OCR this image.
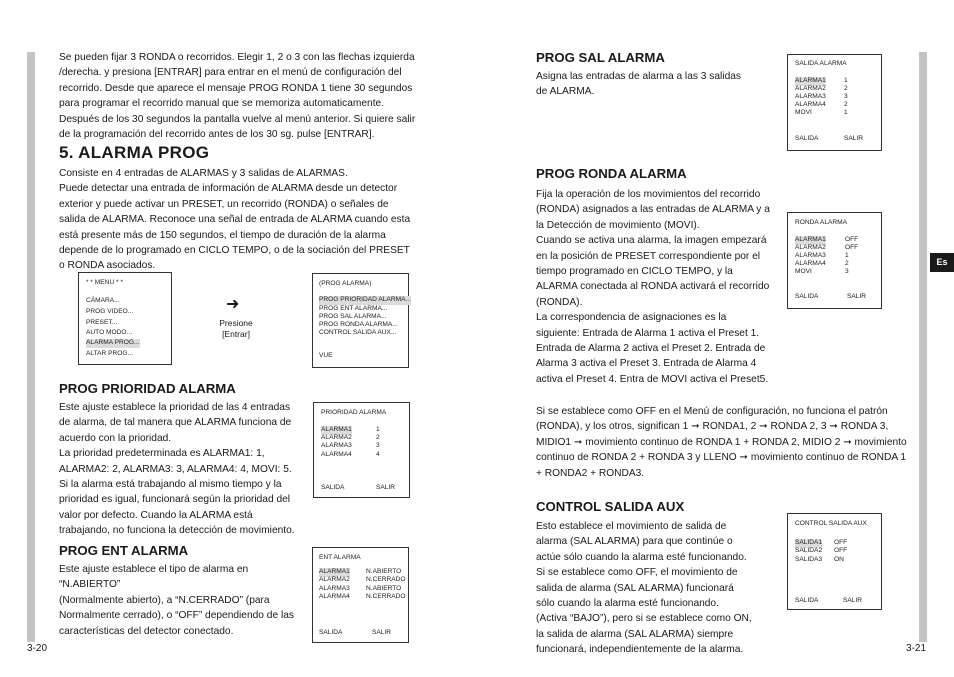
Se pueden fijar 3 RONDA o recorridos. Elegir 1, 2 o 3 con las flechas izquierda

/derecha. y presiona [ENTRAR] para entrar en el menú de configuración del

recorrido. Desde que aparece el mensaje PROG RONDA 1 tiene 30 segundos

para programar el recorrido manual que se memoriza automaticamente.

Después de los 30 segundos la pantalla vuelve al menú anterior. Si quiere salir

de la programación del recorrido antes de los 30 sg. pulse [ENTRAR].

5. ALARMA PROG

Consiste en 4 entradas de ALARMAS y 3 salidas de ALARMAS.

Puede detectar una entrada de información de ALARMA desde un detector

exterior y puede activar un PRESET, un recorrido (RONDA) o señales de

salida de ALARMA. Reconoce una señal de entrada de ALARMA cuando esta

está presente más de 150 segundos, el tiempo de duración de la alarma

depende de lo programado en CICLO TEMPO, o de la sociación del PRESET

o RONDA asociados.

* * MENU * *
CÁMARA...
PROG VIDEO...
PRESET...
AUTO MODO...
ALARMA PROG...
ALTAR PROG...
➜
Presione
[Entrar]
(PROG ALARMA)
PROG PRIORIDAD ALARMA...
PROG ENT ALARMA...
PROG SAL ALARMA...
PROG RONDA ALARMA...
CONTROL SALIDA AUX...
VUE
PROG PRIORIDAD ALARMA

Este ajuste establece la prioridad de las 4 entradas

de alarma, de tal manera que ALARMA funciona de

acuerdo con la prioridad.

La prioridad predeterminada es ALARMA1: 1,

ALARMA2: 2, ALARMA3: 3, ALARMA4: 4, MOVI: 5.

Si la alarma está trabajando al mismo tiempo y la

prioridad es igual, funcionará según la prioridad del

valor por defecto. Cuando la ALARMA está

trabajando, no funciona la detección de movimiento.

PRIORIDAD ALARMA
ALARMA1	1
ALARMA2	2
ALARMA3	3
ALARMA4	4
SALIDA	SALIR
PROG ENT ALARMA

Este ajuste establece el tipo de alarma en “N.ABIERTO”

(Normalmente abierto), a “N.CERRADO” (para

Normalmente cerrado), o “OFF” dependiendo de las

características del detector conectado.

ENT ALARMA
ALARMA1 N.ABIERTO
ALARMA2 N.CERRADO
ALARMA3 N.ABIERTO
ALARMA4 N.CERRADO
SALIDA	SALIR
3-20
PROG SAL ALARMA

Asigna las entradas de alarma a las 3 salidas

de ALARMA.

SALIDA ALARMA
ALARMA1	1
ALARMA2	2
ALARMA3	3
ALARMA4	2
MOVI	1
SALIDA	SALIR
PROG RONDA ALARMA

Fija la operación de los movimientos del recorrido

(RONDA) asignados a las entradas de ALARMA y a

la Detección de movimiento (MOVI).

Cuando se activa una alarma, la imagen empezará

en la posición de PRESET correspondiente por el

tiempo programado en CICLO TEMPO, y la

ALARMA conectada al RONDA activará el recorrido

(RONDA).

La correspondencia de asignaciones es la

siguiente: Entrada de Alarma 1 activa el Preset 1.

Entrada de Alarma 2 activa el Preset 2. Entrada de

Alarma 3 activa el Preset 3. Entrada de Alarma 4

activa el Preset 4. Entra de MOVI activa el Preset5.

RONDA ALARMA
ALARMA1	OFF
ALARMA2	OFF
ALARMA3	1
ALARMA4	2
MOVI	3
SALIDA	SALIR

Si se establece como OFF en el Menú de configuración, no funciona el patrón

(RONDA), y los otros, significan 1 ➞ RONDA1, 2 ➞ RONDA 2, 3 ➞ RONDA 3,

MIDIO1 ➞ movimiento continuo de RONDA 1 + RONDA 2, MIDIO 2 ➞ movimiento

continuo de RONDA 2 + RONDA 3 y LLENO ➞ movimiento continuo de RONDA 1

+ RONDA2 + RONDA3.

CONTROL SALIDA AUX

Esto establece el movimiento de salida de

alarma (SAL ALARMA) para que continúe o

actúe sólo cuando la alarma esté funcionando.

Si se establece como OFF, el movimiento de

salida de alarma (SAL ALARMA) funcionará

sólo cuando la alarma esté funcionando.

(Activa “BAJO”), pero si se establece como ON,

la salida de alarma (SAL ALARMA) siempre

funcionará, independientemente de la alarma.

CONTROL SALIDA AUX
SALIDA1 OFF
SALIDA2 OFF
SALIDA3 ON
SALIDA	SALIR
Es
3-21
